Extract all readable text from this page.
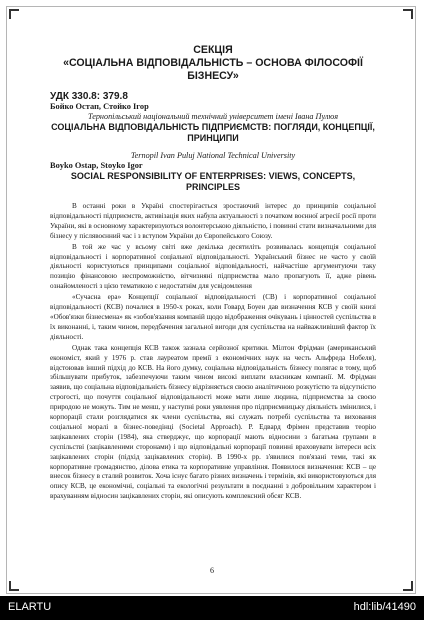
СЕКЦІЯ
«СОЦІАЛЬНА ВІДПОВІДАЛЬНІСТЬ – ОСНОВА ФІЛОСОФІЇ
БІЗНЕСУ»
УДК 330.8: 379.8
Бойко Остап, Стойко Ігор
Тернопільський національний технічний університет імені Івана Пулюя
СОЦІАЛЬНА ВІДПОВІДАЛЬНІСТЬ ПІДПРИЄМСТВ: ПОГЛЯДИ, КОНЦЕПЦІЇ,
ПРИНЦИПИ
Ternopil Ivan Puluj National Technical University
Boyko Ostap, Stoyko Igor
SOCIAL RESPONSIBILITY OF ENTERPRISES: VIEWS, CONCEPTS,
PRINCIPLES

В останні роки в Україні спостерігається зростаючий інтерес до принципів соціальної відповідальності підприємств, активізація яких набула актуальності з початком воєнної агресії росії проти України, які в основному характеризуються волонтерською діяльністю, і повинні стати визначальними для бізнесу у післявоєнний час і з вступом України до Європейського Союзу.

В той же час у всьому світі вже декілька десятиліть розвивалась концепція соціальної відповідальності і корпоративної соціальної відповідальності. Український бізнес не часто у своїй діяльності користуються принципами соціальної відповідальності, найчастіше аргументуючи таку позицію фінансовою неспроможністю, вітчизняні підприємства мало пропагують її, адже рівень ознайомленості з цією тематикою є недостатнім для усвідомлення

«Сучасна ера» Концепції соціальної відповідальності (СВ) і корпоративної соціальної відповідальності (КСВ) почалися в 1950-х роках, коли Говард Боуен дав визначення КСВ у своїй книзі «Обов'язки бізнесмена» як «зобов'язання компаній щодо відображення очікувань і цінностей суспільства в їх виконанні, і, таким чином, передбачення загальної вигоди для суспільства на найважливіший фактор їх діяльності.

Однак така концепція КСВ також зазнала серйозної критики. Мілтон Фрідман (американський економіст, який у 1976 р. став лауреатом премії з економічних наук на честь Альфреда Нобеля), відстоював інший підхід до КСВ. На його думку, соціальна відповідальність бізнесу полягає в тому, щоб збільшувати прибуток, забезпечуючи таким чином високі виплати власникам компанії. М. Фрідман заявив, що соціальна відповідальність бізнесу відрізняється своєю аналітичною розкутістю та відсутністю строгості, що почуття соціальної відповідальності може мати лише людина, підприємства за своєю природою не можуть. Тим не менш, у наступні роки уявлення про підприємницьку діяльність змінилися, і корпорації стали розглядатися як члени суспільства, які служать потребі суспільства та виховання соціальної моралі в бізнес-поведінці (Societal Approach). Р. Едвард Фрімен представив теорію зацікавлених сторін (1984), яка стверджує, що корпорації мають відносини з багатьма групами в суспільстві (зацікавленими сторонами) і що відповідальні корпорації повинні враховувати інтереси всіх зацікавлених сторін (підхід зацікавлених сторін). В 1990-х рр. з'явилися пов'язані теми, такі як корпоративне громадянство, ділова етика та корпоративне управління. Появилося визначення: КСВ – це внесок бізнесу в сталий розвиток. Хоча існує багато різних визначень і термінів, які використовуються для опису КСВ, це економічні, соціальні та екологічні результати в поєднанні з добровільним характером і врахуванням відносин зацікавлених сторін, які описують комплексний обсяг КСВ.

6
ELARTU	hdl:lib/41490
